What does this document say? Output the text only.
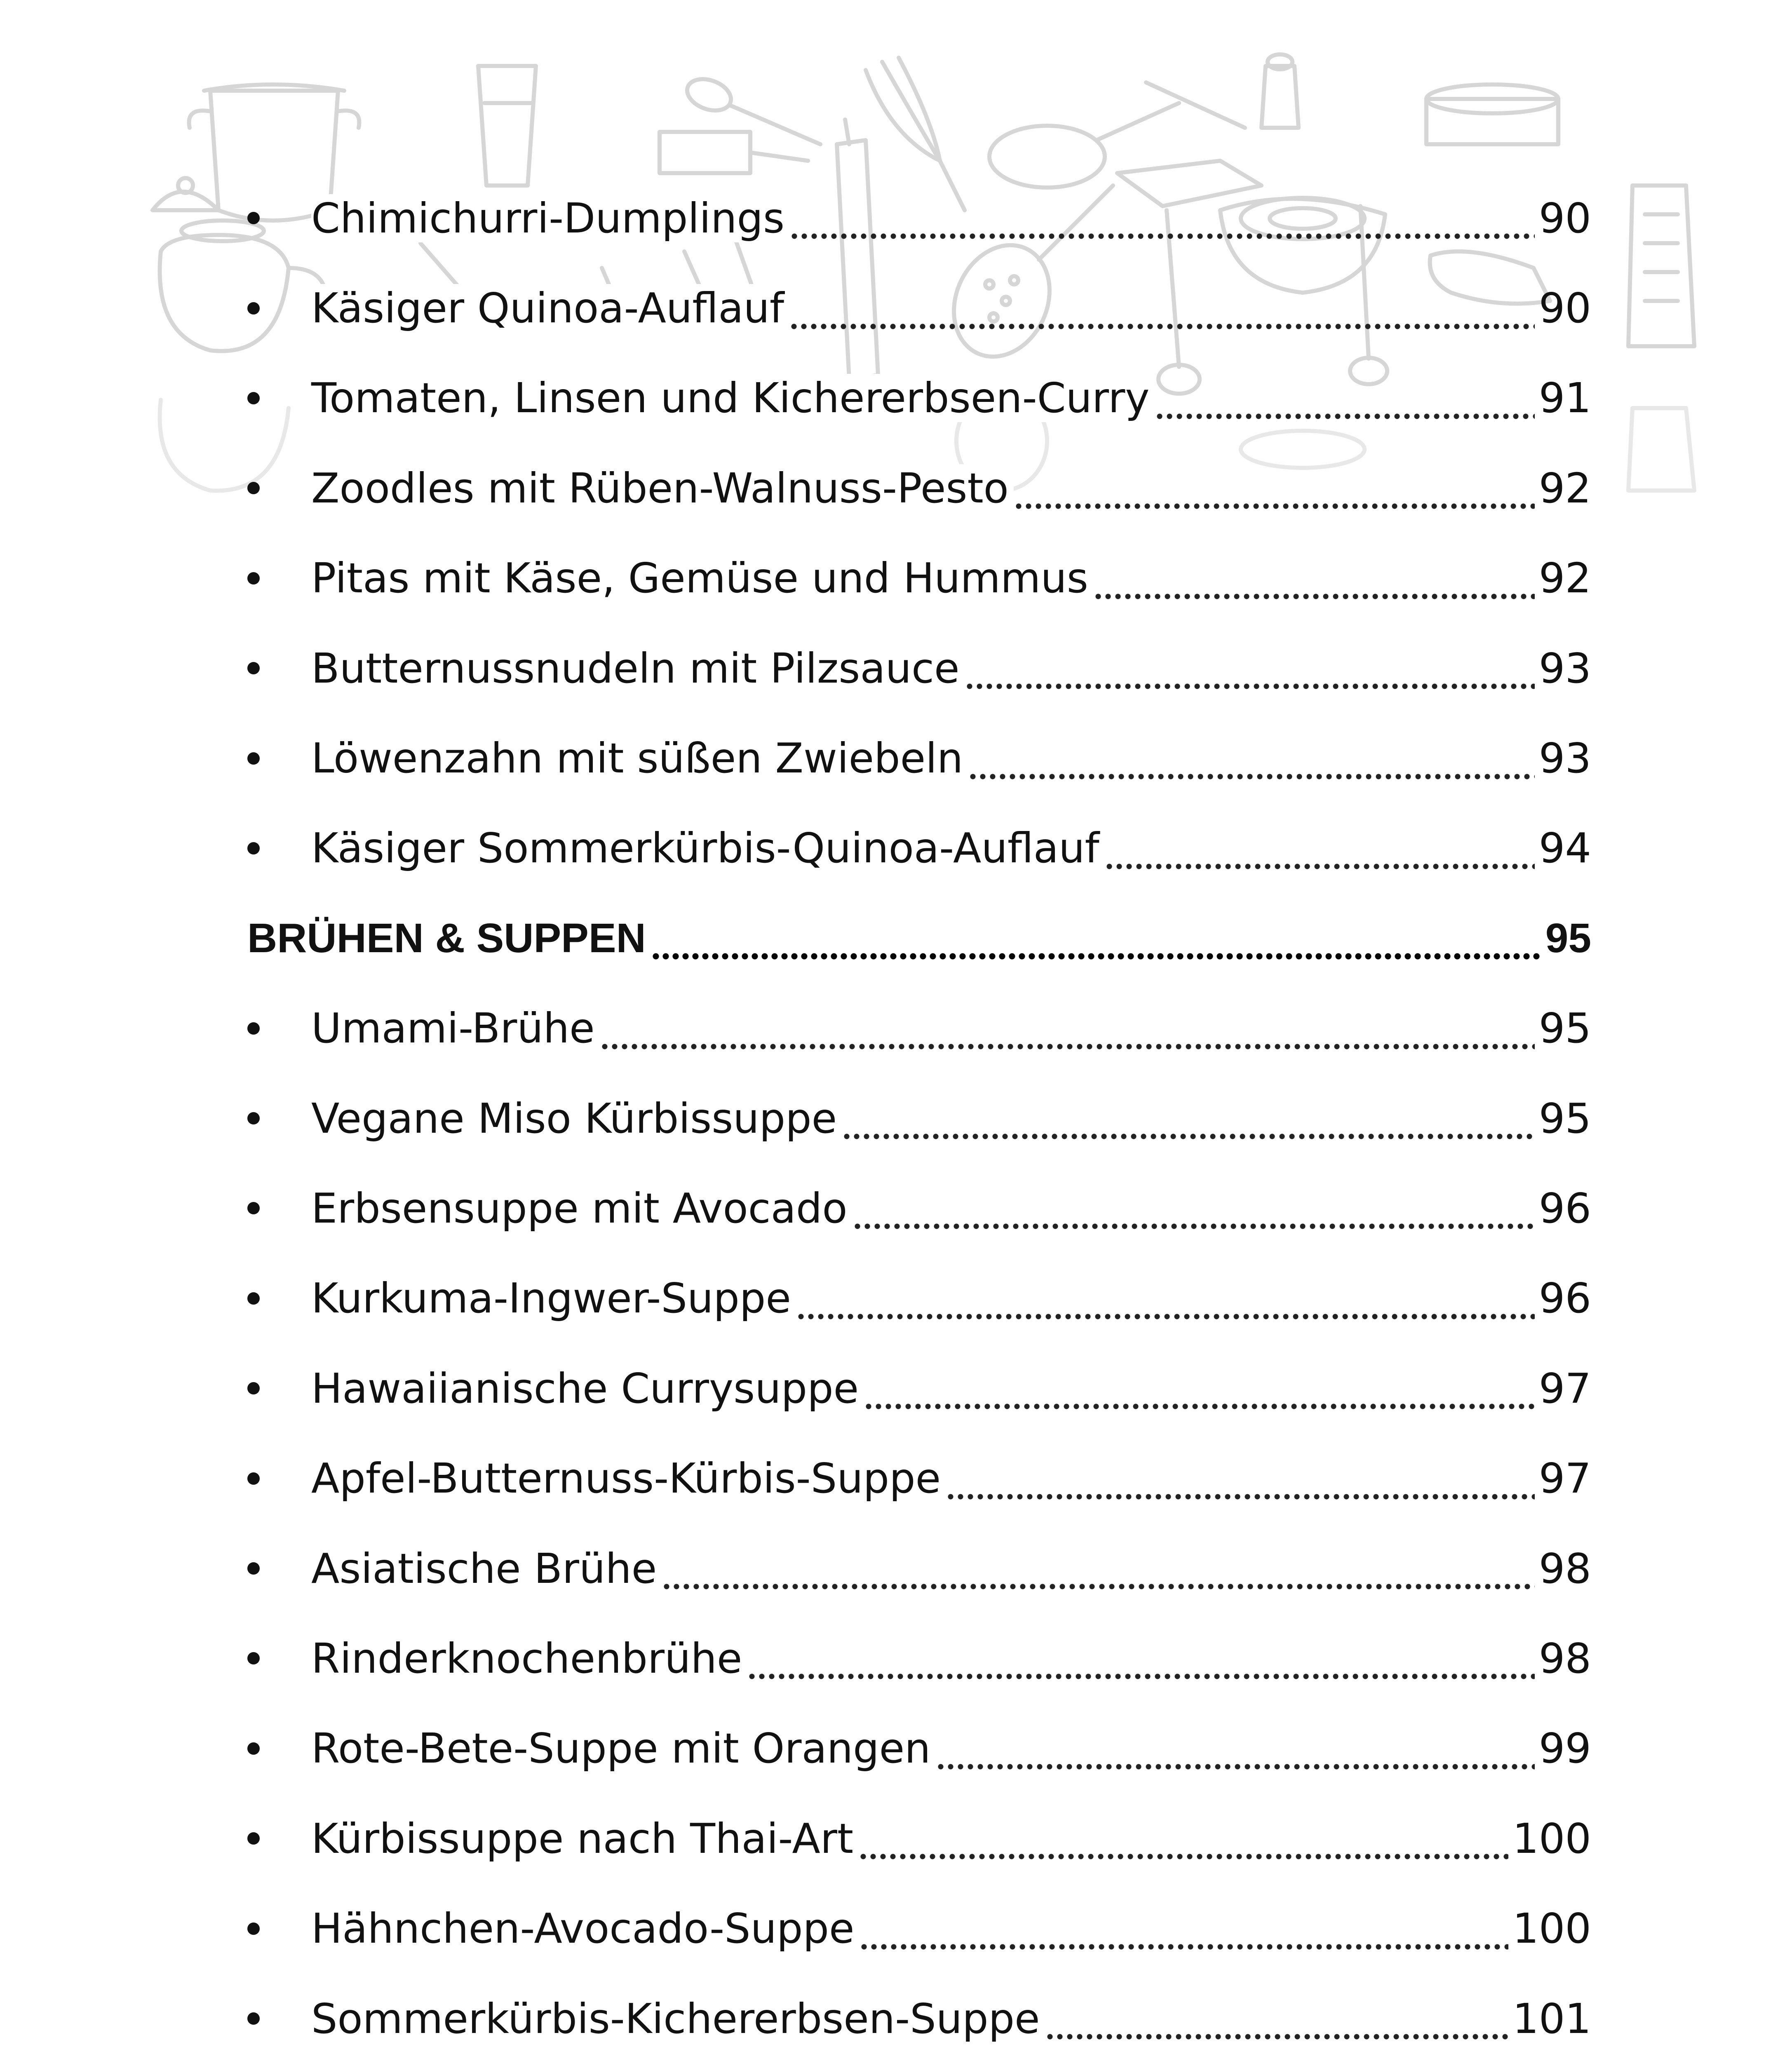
Chimichurri-Dumplings	90
Käsiger Quinoa-Auflauf	90
Tomaten, Linsen und Kichererbsen-Curry	91
Zoodles mit Rüben-Walnuss-Pesto	92
Pitas mit Käse, Gemüse und Hummus	92
Butternussnudeln mit Pilzsauce	93
Löwenzahn mit süßen Zwiebeln	93
Käsiger Sommerkürbis-Quinoa-Auflauf	94
BRÜHEN & SUPPEN	95
Umami-Brühe	95
Vegane Miso Kürbissuppe	95
Erbsensuppe mit Avocado	96
Kurkuma-Ingwer-Suppe	96
Hawaiianische Currysuppe	97
Apfel-Butternuss-Kürbis-Suppe	97
Asiatische Brühe	98
Rinderknochenbrühe	98
Rote-Bete-Suppe mit Orangen	99
Kürbissuppe nach Thai-Art	100
Hähnchen-Avocado-Suppe	100
Sommerkürbis-Kichererbsen-Suppe	101
